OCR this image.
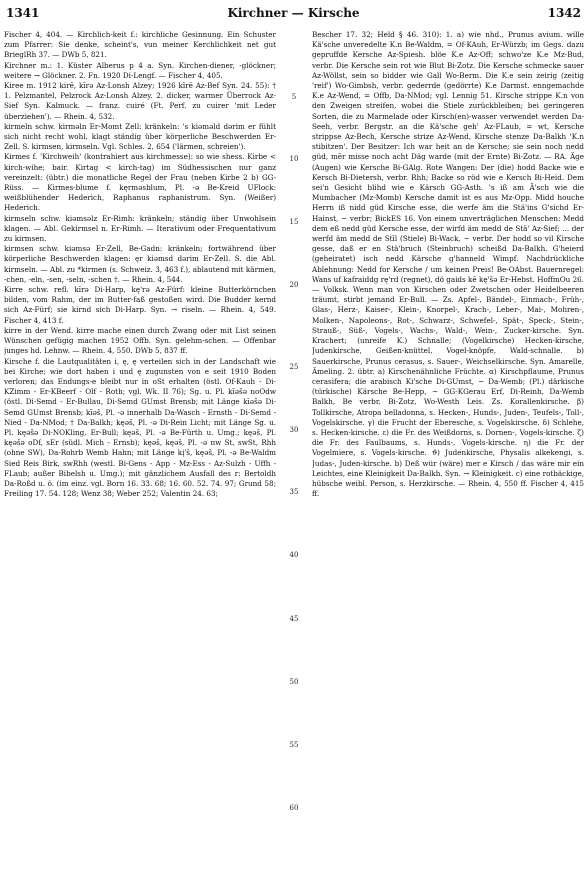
1341	Kirchner — Kirsche	1342

Fischer 4, 404. — Kirchlich-keit f.: kirchliche Gesinnung. Ein Schuster zum Pfarrer: Sie denke, scheint's, vun meiner Kerchlichkeit net gut BrieglRh 37. — DWb 5, 821.

Kirchner m.: 1. Küster Alberus p 4 a. Syn. Kirchen-diener, -glöckner; weitere → Glöckner. 2. Fn. 1920 Di-Lengf. — Fischer 4, 405.

Kiree m. 1912 kirē, kīrə Az-Lonsh Alzey; 1926 kīrē Az-Bef Syn. 24. 55): † 1. Pelzmantel, Pelzrock Az-Lonsh Alzey. 2. dicker, warmer Überrock Az-Sief Syn. Kalmuck. — franz. cuiré (Ft. Perf. zu cuirer 'mit Leder überziehen'). — Rhein. 4, 532.

kirmeln schw. kirməln Er-Momt Zell: kränkeln: 's kiəməld dərim er fühlt sich nicht recht wohl, klagt ständig über körperliche Beschwerden Er-Zell. S. kirmsen, kirmseln. Vgl. Schles. 2, 654 ('lärmen, schreien').

Kirmes f. 'Kirchweih' (kontrahiert aus kirchmesse): so wie shess. Kirbe < kirch-wihe; bair. Kirtag < kirch-tag) im Südhessischen nur ganz vereinzelt: (übtr.) die monatliche Regel der Frau (neben Kirbe 2 b) GG-Rüss. — Kirmes-blume f. kęrməsblum, Pl. -ə Be-Kreid UFlock: weißblühender Hederich, Raphanus raphanistrum. Syn. (Weißer) Hederich.

kirmseln schw. kiəmsəlz Er-Rimh: kränkeln; ständig über Unwohlsein klagen. — Abl. Gekirmsel n. Er-Rimh. — Iterativum oder Frequentativum zu kirmsen.

kirmsen schw. kiəmsə Er-Zell, Be-Gadn: kränkeln; fortwährend über körperliche Beschwerden klagen: ęr kiəmsd dərim Er-Zell. S. die Abl. kirmseln. — Abl. zu *kirmen (s. Schweiz. 3, 463 f.), ablautend mit kärmen, -chen, -eln, -sen, -seln, -schen †. — Rhein. 4, 544.

Kirre schw. refl. kīrə Di-Harp, kę'rə Az-Fürf: kleine Butterkörnchen bilden, vom Rahm, der im Butter-faß gestoßen wird. Die Budder kernd sich Az-Fürf; sie kirnd sich Di-Harp. Syn. → riseln. — Rhein. 4, 549. Fischer 4, 413 f.

kirre in der Wend. kirre mache einen durch Zwang oder mit List seinen Wünschen gefügig machen 1952 Offb. Syn. gelehm-schen. — Offenbar junges hd. Lehnw. — Rhein. 4, 550. DWb 5, 837 ff.

Kirsche f. die Lautqualitäten i, ę, ę verteilen sich in der Landschaft wie bei Kirche; wie dort haben i und ę zugunsten von e seit 1910 Boden verloren; das Endungs-e bleibt nur in oSt erhalten (östl. Of-Kauh - Di-KZimm - Er-KBeerf - Olf - Roth; vgl. Wk. II 76); Sg. u. Pl. kīəšə noOdw (östl. Di-Semd - Er-Bullau, Di-Semd GUmst Brensb; mit Länge kīəšə Di-Semd GUmst Brensb; kīəš, Pl. -ə innerhalb Da-Wasch - Ernsth - Di-Semd - Nied - Da-NMod; † Da-Balkh; kęəš, Pl. -ə Di-Rein Licht; mit Länge Sg. u. Pl. kęəšə Di-NOKling, Er-Bull; kęəš, Pl. -ə Be-Fürth u. Umg.; kęəš, Pl. kęəšə oDf, sEr (südl. Mich - Ernsb); kęəš, kęəš, Pl. -ə nw St, swSt, Rhh (ohne SW), Da-Rohrb Wemb Hahn; mit Länge kį'š, kęəš, Pl. -ə Be-Waldm Sied Reis Birk, swRhh (westl. Bi-Gens - App - Mz-Ess - Az-Sulzh - Uffh - FLaub; außer Bibelsh u. Umg.); mit gänzlichem Ausfall des r: Bertoldh Da-Roßd u. ö. (im einz. vgl. Born 16. 33. 68; 16. 60. 52. 74. 97; Grund 58; Freiling 17. 54. 128; Wenz 38; Weber 252; Valentin 24. 63;

5
10
15
20
25
30
35
40
45
50
55
60

Bescher 17. 32; Held § 46. 310): 1. a) wie nhd., Prunus avium. wille Kä'sche unveredelte K.n Be-Waldm, = Of-KAuh, Er-Würzb; im Gegs. dazu gepruffde Kersche Az-Spiesh. blöe K.e Az-Off; schwo'ze K.e Mz-Bud, verbr. Die Kersche sein rot wie Blut Bi-Zotz. Die Kersche schmecke sauer Az-Wöllst, sein so bidder wie Gall Wo-Berm. Die K.e sein zeirig (zeitig 'reif') Wo-Gimbsh, verbr. gederrde (gedörrte) K.e Darmst. enngemachde K.e Az-Wend, = Offb, Da-NMod; vgl. Lennig 51. Kirsche strippe K.n von den Zweigen streifen, wobei die Stiele zurückbleiben; bei geringeren Sorten, die zu Marmelade oder Kirsch(en)-wasser verwendet werden Da-Seeh, verbr. Bergstr. an die Kä'sche geh' Az-FLaub, = wt, Kersche strippse Az-Bech, Kersche strize Az-Wend, Kirsche stenze Da-Balkh 'K.n stibitzen'. Der Besitzer: Ich war heit an de Kersche; sie sein noch nedd güd, mēr misse noch acht Däg warde (mit der Ernte) Bi-Zotz. — RA. Äge (Augen) wie Kersche Bi-GAlg. Rote Wangen: Der (die) hodd Backe wie e Kersch Bi-Dietersh, verbr. Rhh; Backe so röd wie e Kersch Bi-Heid. Dem sei'n Gesicht blihd wie e Kärsch GG-Asth. 's iß am Ä'sch wie die Mumbacher (Mz-Momb) Kersche damit ist es aus Mz-Opp. Midd houche Herrn iß nidd güd Kirsche esse, die werfe äm die Stä'ins G'sichd Er-Hainst, ~ verbr; BickES 16. Von einem unverträglichen Menschen: Medd dem eß nedd güd Kersche esse, der wirfd äm medd de Stä' Az-Sief; ... der werfd äm medd de Stīl (Stiele) Bi-Wack, ~ verbr. Der hodd so vil Kirsche gesse, daß er en Stä'bruch (Steinbruch) scheißd Da-Balkh. G'heierd (geheiratet) isch nedd Kärsche g'hanneld Wimpf. Nachdrückliche Ablehnung: Nedd for Kersche / um keinen Preis! Be-OAbst. Bauernregel: Wans uf kafraiddg rę'rd (regnet), dö gaids kē kę'šə Er-Hebst. HoffmOu 26. — Volksk. Wenn man von Kirschen oder Zwetschen oder Heidelbeeren träumt, stirbt jemand Er-Bull. — Zs. Apfel-, Bändel-, Einmach-, Früh-, Glas-, Herz-, Kaiser-, Klein-, Knorpel-, Krach-, Leber-, Mai-, Mohren-, Molken-, Napoleons-, Rot-, Schwarz-, Schwefel-, Spät-, Speck-, Stein-, Strauß-, Süß-, Vogels-, Wachs-, Wald-, Wein-, Zucker-kirsche. Syn. Krachert; (unreife K.) Schnalle; (Vogelkirsche) Hecken-kirsche, Judenkirsche, Geißen-knüttel, Vogel-knöpfe, Wald-schnalle. b) Sauerkirsche, Prunus cerasus, s. Sauer-, Weichselkirsche. Syn. Amarelle, Ämeling. 2. übtr. a) Kirschenähnliche Früchte. α) Kirschpflaume, Prunus cerasifera; die arabisch Ki'sche Di-GUmst, ~ Da-Wemb; (Pl.) därkische (türkische) Kärsche Be-Hepp, ~ GG-KGerau Erf, Di-Reinh, Da-Wemb Balkh, Be verbr, Bi-Zotz, Wo-Westh Leis. Zs. Korallenkirsche. β) Tollkirsche, Atropa belladonna, s. Hecken-, Hunds-, Juden-, Teufels-, Toll-, Vogelskirsche. γ) die Frucht der Eberesche, s. Vogelskirsche. δ) Schlehe, s. Hecken-kirsche. ε) die Fr. des Weißdorns, s. Dornen-, Vogels-kirsche. ζ) die Fr. des Faulbaums, s. Hunds-, Vogels-kirsche. η) die Fr. der Vogelmiere, s. Vogels-kirsche. ϑ) Judenkirsche, Physalis alkekengi, s. Judas-, Juden-kirsche. b) Deß wür (wäre) mer e Kirsch / das wäre mir ein Leichtes, eine Kleinigkeit Da-Balkh. Syn. → Kleinigkeit. c) eine rotbäckige, hübsche weibl. Person, s. Herzkirsche. — Rhein. 4, 550 ff. Fischer 4, 415 ff.
